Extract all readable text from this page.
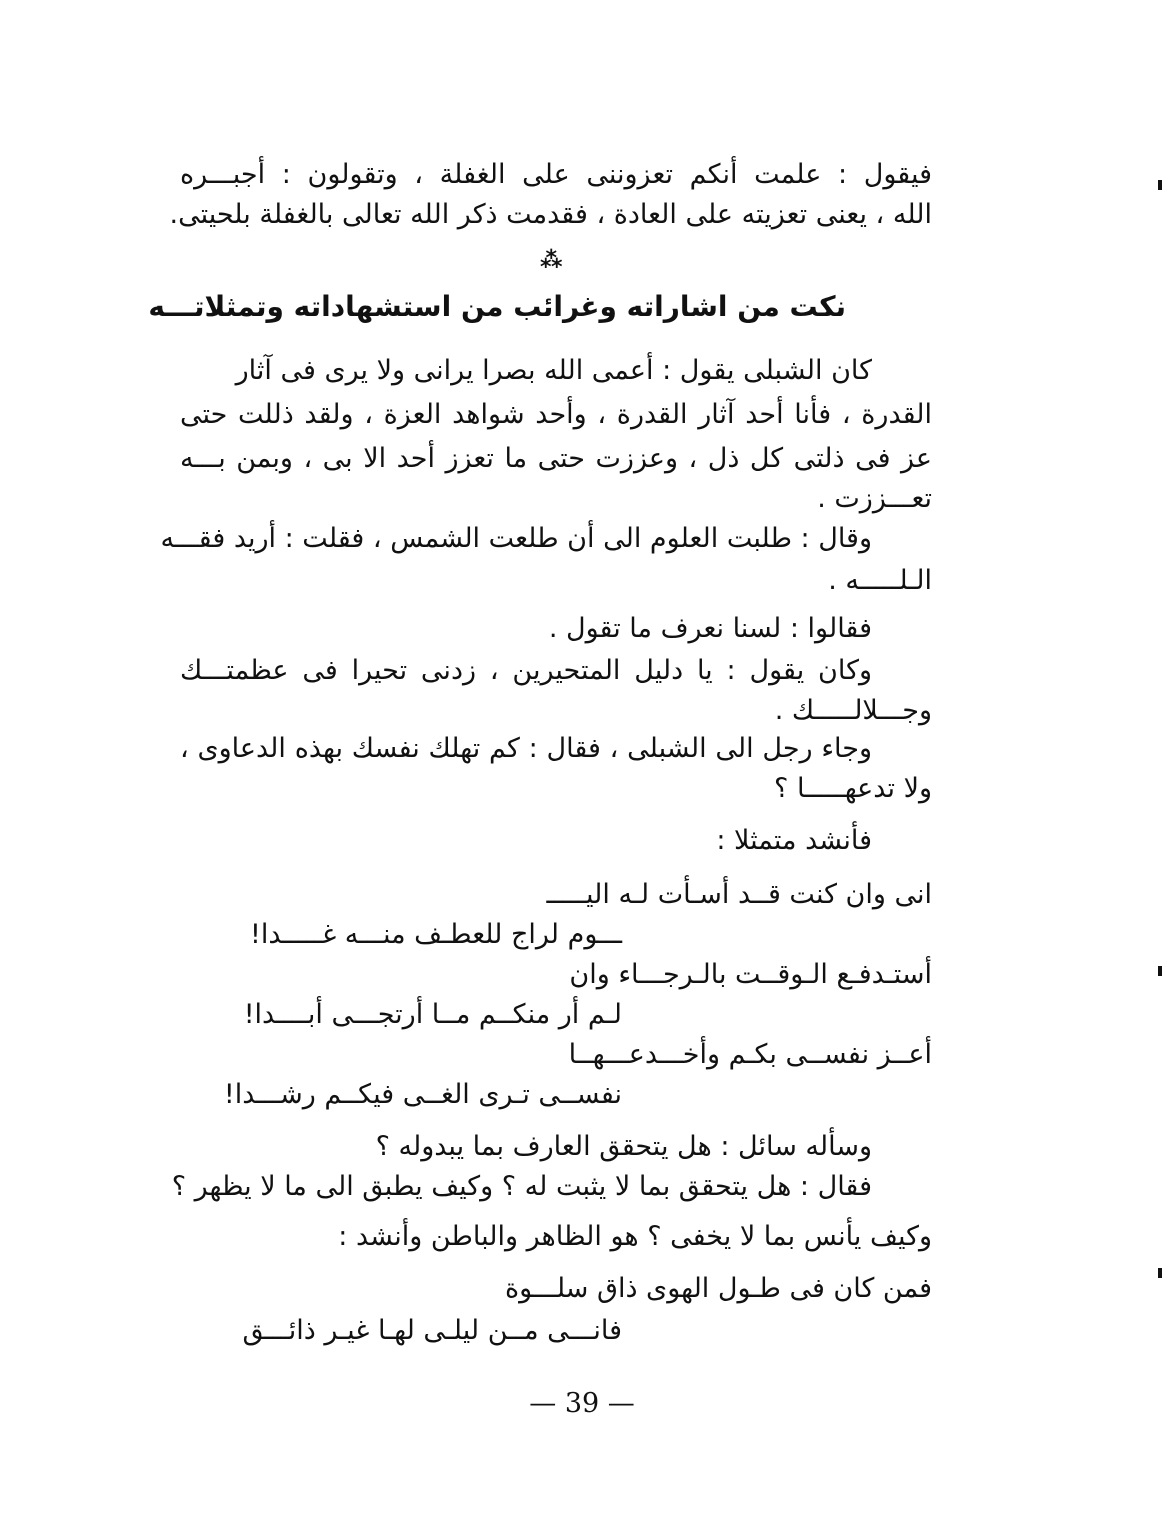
فيقول : علمت أنكم تعزوننى على الغفلة ، وتقولون : أجبـــره
الله ، يعنى تعزيته على العادة ، فقدمت ذكر الله تعالى بالغفلة بلحيتى.
⁂
نكت من اشاراته وغرائب من استشهاداته وتمثلاتـــه
كان الشبلى يقول : أعمى الله بصرا يرانى ولا يرى فى آثار
القدرة ، فأنا أحد آثار القدرة ، وأحد شواهد العزة ، ولقد ذللت حتى
عز فى ذلتى كل ذل ، وعززت حتى ما تعزز أحد الا بى ، وبمن بـــه
تعـــززت .
وقال : طلبت العلوم الى أن طلعت الشمس ، فقلت : أريد فقـــه
الـلـــــه .
فقالوا : لسنا نعرف ما تقول .
وكان يقول : يا دليل المتحيرين ، زدنى تحيرا فى عظمتـــك
وجـــلالـــــك .
وجاء رجل الى الشبلى ، فقال : كم تهلك نفسك بهذه الدعاوى ،
ولا تدعهـــــا ؟
فأنشد متمثلا :
انى وان كنت قــد أسـأت لـه اليـــــ
ـــوم لراج للعطـف منـــه غـــــدا!
أستـدفـع الـوقــت بالـرجـــاء وان
لـم أر منكــم مــا أرتجـــى أبــــدا!
أعــز نفســى بكـم وأخـــدعـــهــا
نفســى تـرى الغــى فيكــم رشـــدا!
وسأله سائل : هل يتحقق العارف بما يبدوله ؟
فقال : هل يتحقق بما لا يثبت له ؟ وكيف يطبق الى ما لا يظهر ؟
وكيف يأنس بما لا يخفى ؟ هو الظاهر والباطن وأنشد :
فمن كان فى طـول الهوى ذاق سلـــوة
فانـــى مــن ليلـى لهـا غيـر ذائـــق
— 39 —
